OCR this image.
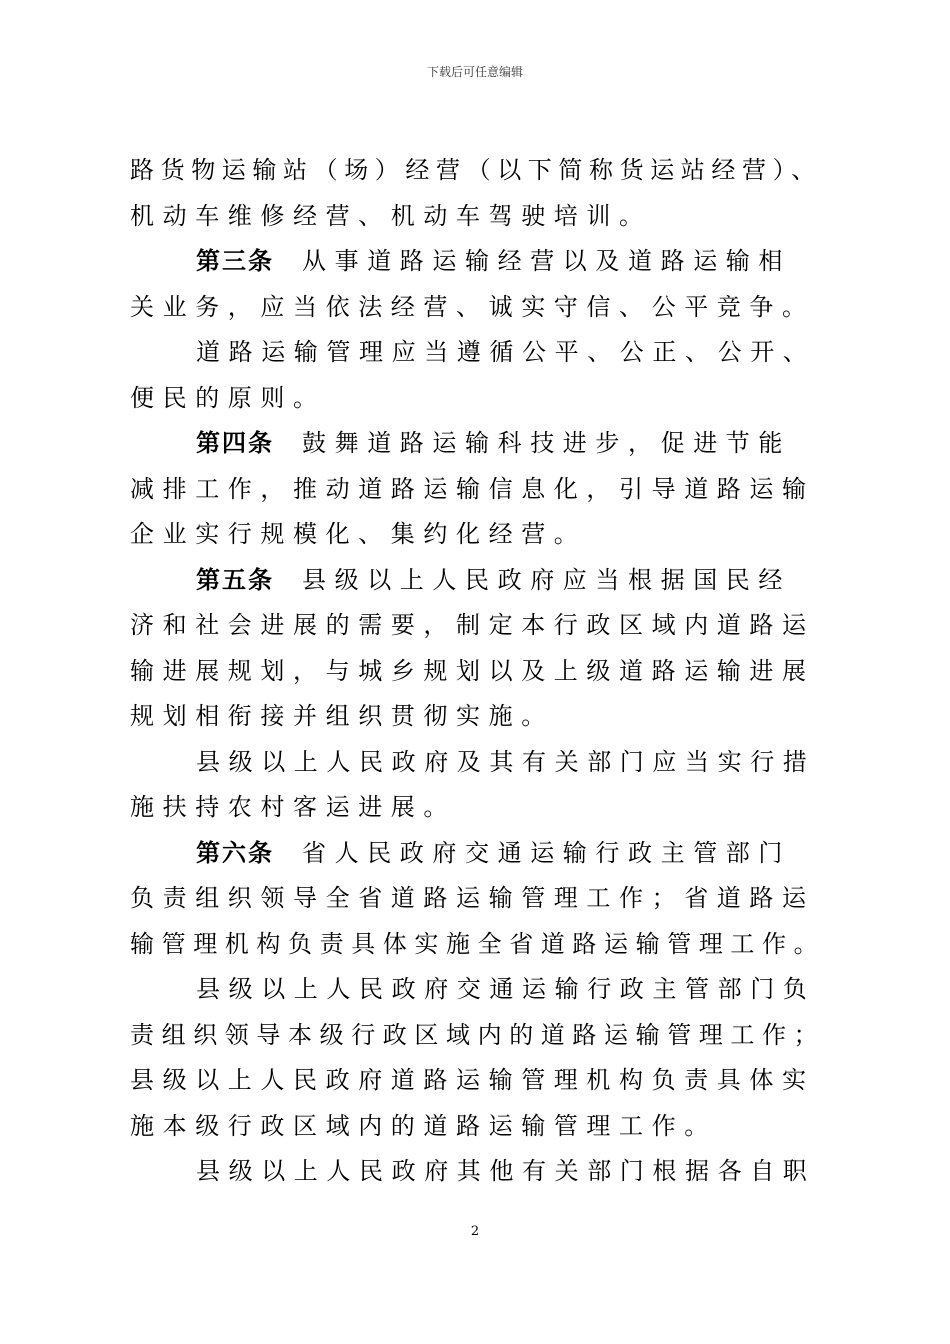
下载后可任意编辑
路货物运输站（场）经营（以下简称货运站经营）、
机动车维修经营、机动车驾驶培训。
第三条 从事道路运输经营以及道路运输相
关业务，应当依法经营、诚实守信、公平竞争。
道路运输管理应当遵循公平、公正、公开、
便民的原则。
第四条 鼓舞道路运输科技进步，促进节能
减排工作，推动道路运输信息化，引导道路运输
企业实行规模化、集约化经营。
第五条 县级以上人民政府应当根据国民经
济和社会进展的需要，制定本行政区域内道路运
输进展规划，与城乡规划以及上级道路运输进展
规划相衔接并组织贯彻实施。
县级以上人民政府及其有关部门应当实行措
施扶持农村客运进展。
第六条 省人民政府交通运输行政主管部门
负责组织领导全省道路运输管理工作；省道路运
输管理机构负责具体实施全省道路运输管理工作。
县级以上人民政府交通运输行政主管部门负
责组织领导本级行政区域内的道路运输管理工作；
县级以上人民政府道路运输管理机构负责具体实
施本级行政区域内的道路运输管理工作。
县级以上人民政府其他有关部门根据各自职
2
